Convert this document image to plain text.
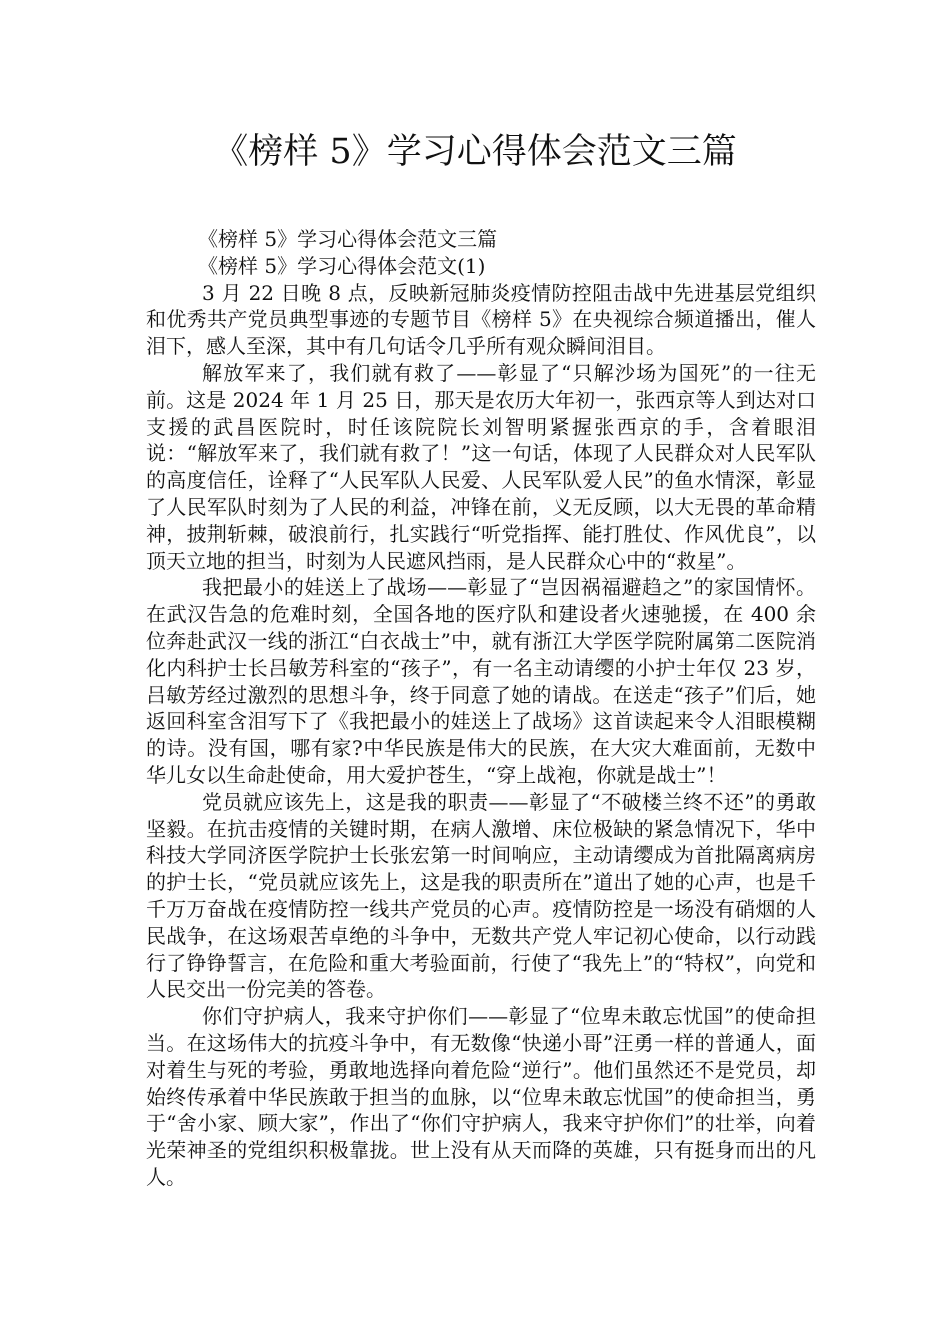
《榜样 5》学习心得体会范文三篇

《榜样 5》学习心得体会范文三篇

《榜样 5》学习心得体会范文(1)

3 月 22 日晚 8 点，反映新冠肺炎疫情防控阻击战中先进基层党组织和优秀共产党员典型事迹的专题节目《榜样 5》在央视综合频道播出，催人泪下，感人至深，其中有几句话令几乎所有观众瞬间泪目。

解放军来了，我们就有救了——彰显了“只解沙场为国死”的一往无前。这是 2024 年 1 月 25 日，那天是农历大年初一，张西京等人到达对口支援的武昌医院时，时任该院院长刘智明紧握张西京的手，含着眼泪说：“解放军来了，我们就有救了！”这一句话，体现了人民群众对人民军队的高度信任，诠释了“人民军队人民爱、人民军队爱人民”的鱼水情深，彰显了人民军队时刻为了人民的利益，冲锋在前，义无反顾，以大无畏的革命精神，披荆斩棘，破浪前行，扎实践行“听党指挥、能打胜仗、作风优良”，以顶天立地的担当，时刻为人民遮风挡雨，是人民群众心中的“救星”。

我把最小的娃送上了战场——彰显了“岂因祸福避趋之”的家国情怀。在武汉告急的危难时刻，全国各地的医疗队和建设者火速驰援，在 400 余位奔赴武汉一线的浙江“白衣战士”中，就有浙江大学医学院附属第二医院消化内科护士长吕敏芳科室的“孩子”，有一名主动请缨的小护士年仅 23 岁，吕敏芳经过激烈的思想斗争，终于同意了她的请战。在送走“孩子”们后，她返回科室含泪写下了《我把最小的娃送上了战场》这首读起来令人泪眼模糊的诗。没有国，哪有家?中华民族是伟大的民族，在大灾大难面前，无数中华儿女以生命赴使命，用大爱护苍生，“穿上战袍，你就是战士”！

党员就应该先上，这是我的职责——彰显了“不破楼兰终不还”的勇敢坚毅。在抗击疫情的关键时期，在病人激增、床位极缺的紧急情况下，华中科技大学同济医学院护士长张宏第一时间响应，主动请缨成为首批隔离病房的护士长，“党员就应该先上，这是我的职责所在”道出了她的心声，也是千千万万奋战在疫情防控一线共产党员的心声。疫情防控是一场没有硝烟的人民战争，在这场艰苦卓绝的斗争中，无数共产党人牢记初心使命，以行动践行了铮铮誓言，在危险和重大考验面前，行使了“我先上”的“特权”，向党和人民交出一份完美的答卷。

你们守护病人，我来守护你们——彰显了“位卑未敢忘忧国”的使命担当。在这场伟大的抗疫斗争中，有无数像“快递小哥”汪勇一样的普通人，面对着生与死的考验，勇敢地选择向着危险“逆行”。他们虽然还不是党员，却始终传承着中华民族敢于担当的血脉，以“位卑未敢忘忧国”的使命担当，勇于“舍小家、顾大家”，作出了“你们守护病人，我来守护你们”的壮举，向着光荣神圣的党组织积极靠拢。世上没有从天而降的英雄，只有挺身而出的凡人。
